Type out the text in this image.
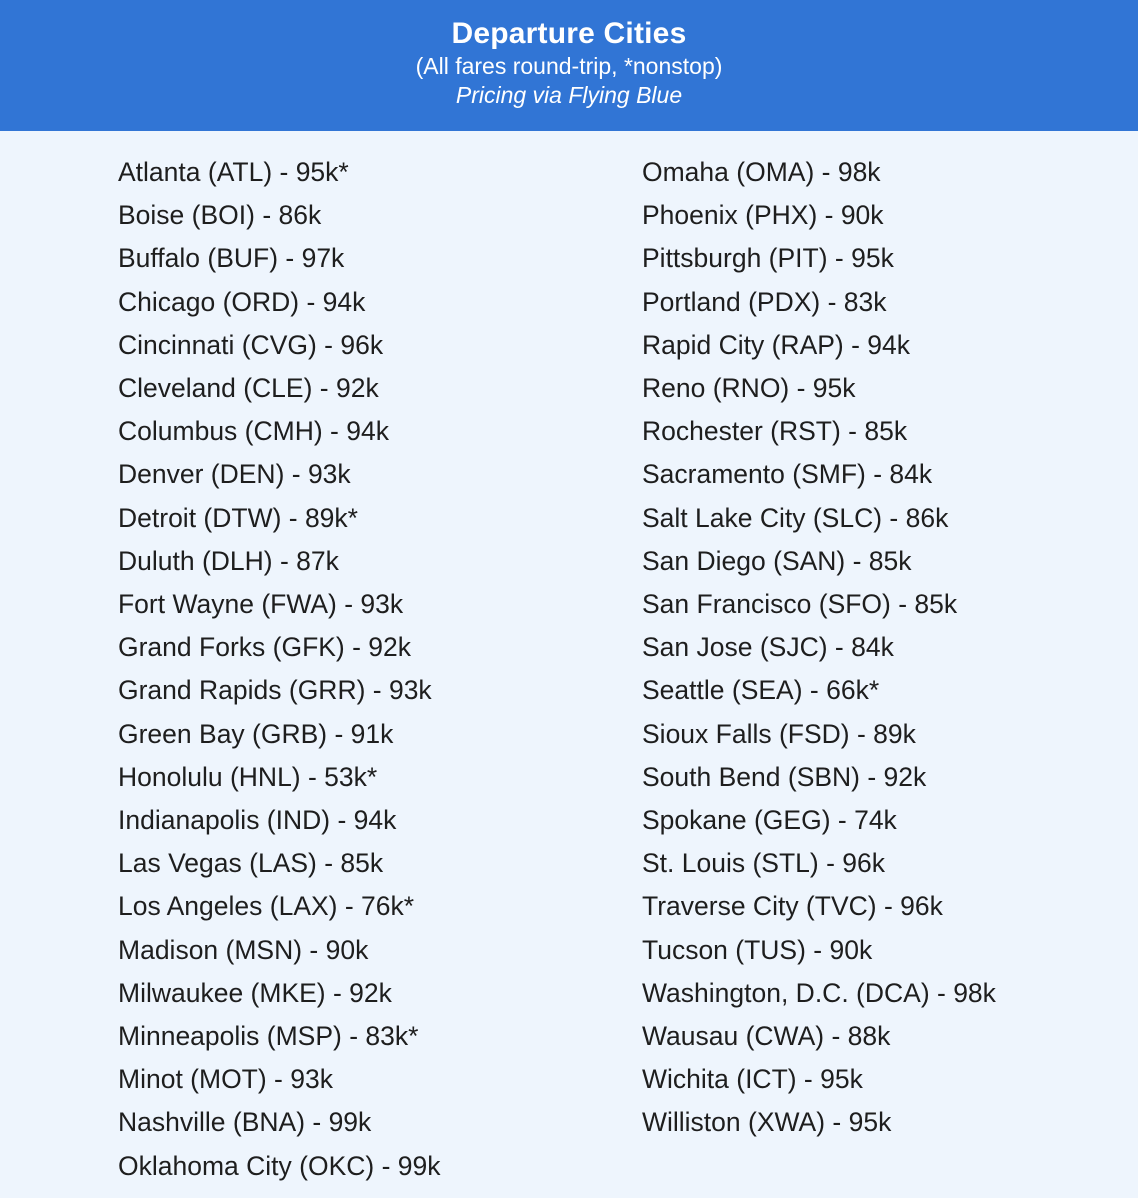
Departure Cities
(All fares round-trip, *nonstop)
Pricing via Flying Blue
Atlanta (ATL) - 95k*
Boise (BOI) - 86k
Buffalo (BUF) - 97k
Chicago (ORD) - 94k
Cincinnati (CVG) - 96k
Cleveland (CLE) - 92k
Columbus (CMH) - 94k
Denver (DEN) - 93k
Detroit (DTW) - 89k*
Duluth (DLH) - 87k
Fort Wayne (FWA) - 93k
Grand Forks (GFK) - 92k
Grand Rapids (GRR) - 93k
Green Bay (GRB) - 91k
Honolulu (HNL) - 53k*
Indianapolis (IND) - 94k
Las Vegas (LAS) - 85k
Los Angeles (LAX) - 76k*
Madison (MSN) - 90k
Milwaukee (MKE) - 92k
Minneapolis (MSP) - 83k*
Minot (MOT) - 93k
Nashville (BNA) - 99k
Oklahoma City (OKC) - 99k
Omaha (OMA) - 98k
Phoenix (PHX) - 90k
Pittsburgh (PIT) - 95k
Portland (PDX) - 83k
Rapid City (RAP) - 94k
Reno (RNO) - 95k
Rochester (RST) - 85k
Sacramento (SMF) - 84k
Salt Lake City (SLC) - 86k
San Diego (SAN) - 85k
San Francisco (SFO) - 85k
San Jose (SJC) - 84k
Seattle (SEA) - 66k*
Sioux Falls (FSD) - 89k
South Bend (SBN) - 92k
Spokane (GEG) - 74k
St. Louis (STL) - 96k
Traverse City (TVC) - 96k
Tucson (TUS) - 90k
Washington, D.C. (DCA) - 98k
Wausau (CWA) - 88k
Wichita (ICT) - 95k
Williston (XWA) - 95k
